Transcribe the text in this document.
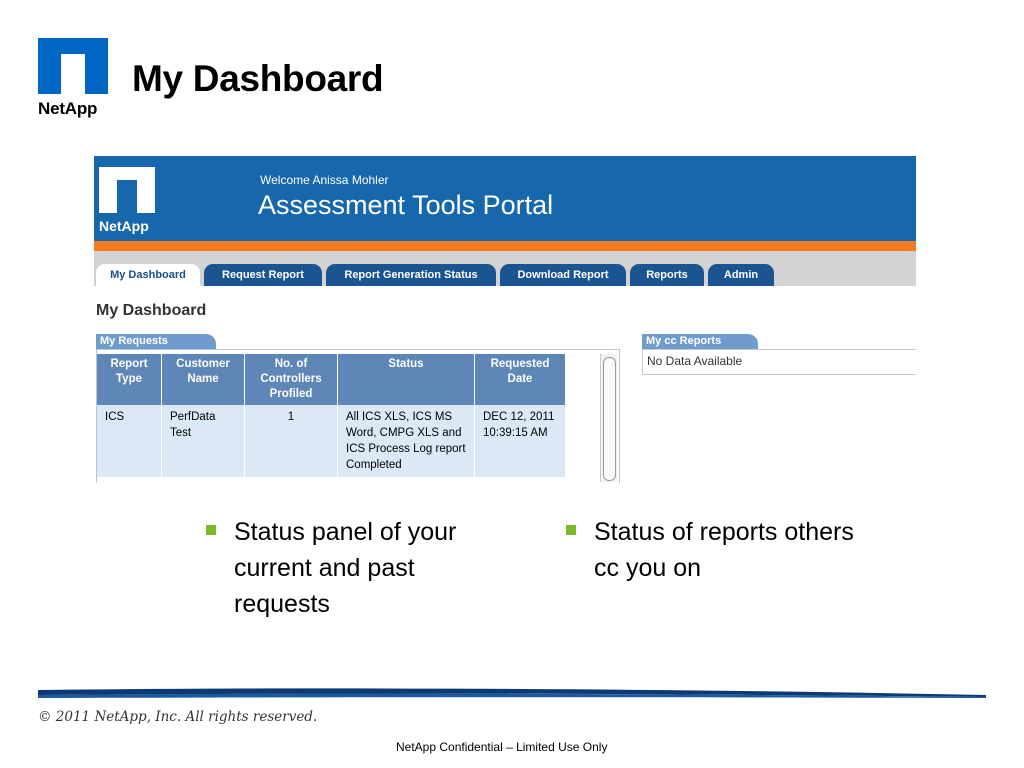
NetApp
My Dashboard
NetApp
Welcome Anissa Mohler
Assessment Tools Portal
My Dashboard	Request Report	Report Generation Status	Download Report	Reports	Admin
My Dashboard
My Requests
Report Type	Customer Name	No. of Controllers Profiled	Status	Requested Date
ICS	PerfData Test	1	All ICS XLS, ICS MS Word, CMPG XLS and ICS Process Log report Completed	DEC 12, 2011 10:39:15 AM
My cc Reports
No Data Available
Status panel of your current and past requests
Status of reports others cc you on
© 2011 NetApp, Inc. All rights reserved.
NetApp Confidential – Limited Use Only
